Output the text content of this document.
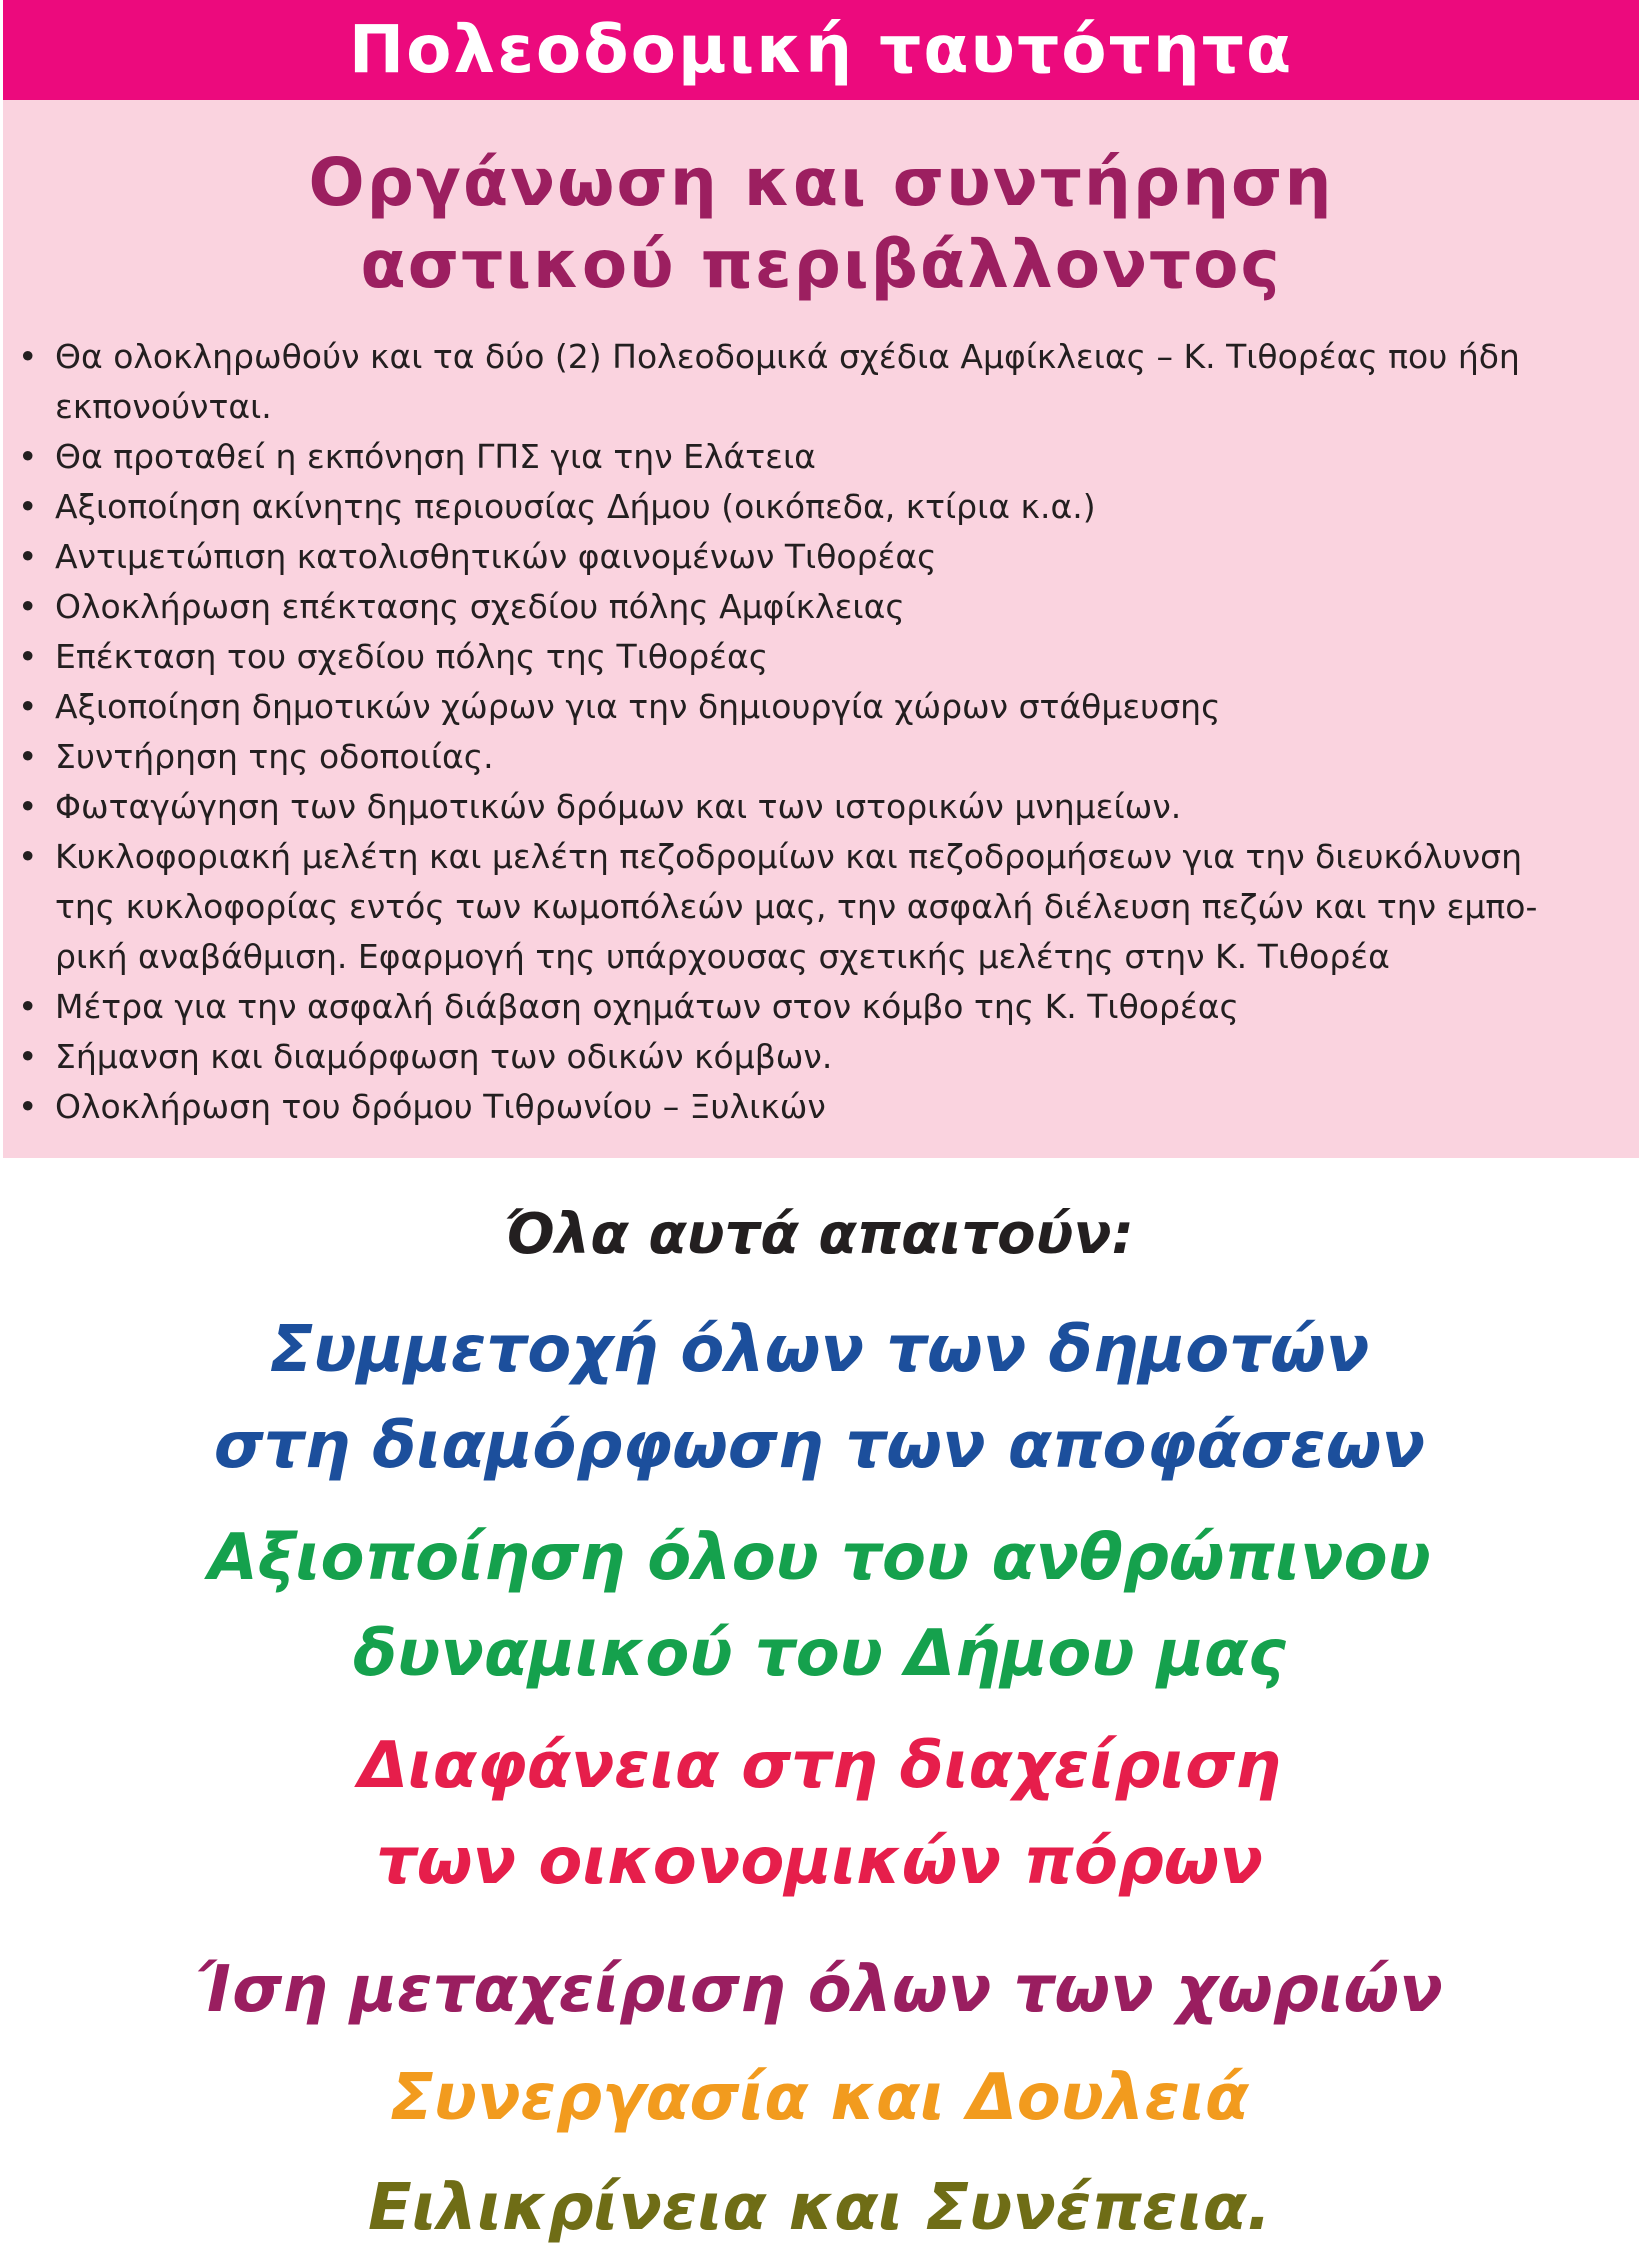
Πολεοδομική ταυτότητα
Οργάνωση και συντήρηση
αστικού περιβάλλοντος
• Θα ολοκληρωθούν και τα δύο (2) Πολεοδομικά σχέδια Αμφίκλειας – Κ. Τιθορέας που ήδη
εκπονούνται.
• Θα προταθεί η εκπόνηση ΓΠΣ για την Ελάτεια
• Αξιοποίηση ακίνητης περιουσίας Δήμου (οικόπεδα, κτίρια κ.α.)
• Αντιμετώπιση κατολισθητικών φαινομένων Τιθορέας
• Ολοκλήρωση επέκτασης σχεδίου πόλης Αμφίκλειας
• Επέκταση του σχεδίου πόλης της Τιθορέας
• Αξιοποίηση δημοτικών χώρων για την δημιουργία χώρων στάθμευσης
• Συντήρηση της οδοποιίας.
• Φωταγώγηση των δημοτικών δρόμων και των ιστορικών μνημείων.
• Κυκλοφοριακή μελέτη και μελέτη πεζοδρομίων και πεζοδρομήσεων για την διευκόλυνση
της κυκλοφορίας εντός των κωμοπόλεών μας, την ασφαλή διέλευση πεζών και την εμπο-
ρική αναβάθμιση. Εφαρμογή της υπάρχουσας σχετικής μελέτης στην Κ. Τιθορέα
• Μέτρα για την ασφαλή διάβαση οχημάτων στον κόμβο της Κ. Τιθορέας
• Σήμανση και διαμόρφωση των οδικών κόμβων.
• Ολοκλήρωση του δρόμου Τιθρωνίου – Ξυλικών
Όλα αυτά απαιτούν:
Συμμετοχή όλων των δημοτών
στη διαμόρφωση των αποφάσεων
Αξιοποίηση όλου του ανθρώπινου
δυναμικού του Δήμου μας
Διαφάνεια στη διαχείριση
των οικονομικών πόρων
Ίση μεταχείριση όλων των χωριών
Συνεργασία και Δουλειά
Ειλικρίνεια και Συνέπεια.
